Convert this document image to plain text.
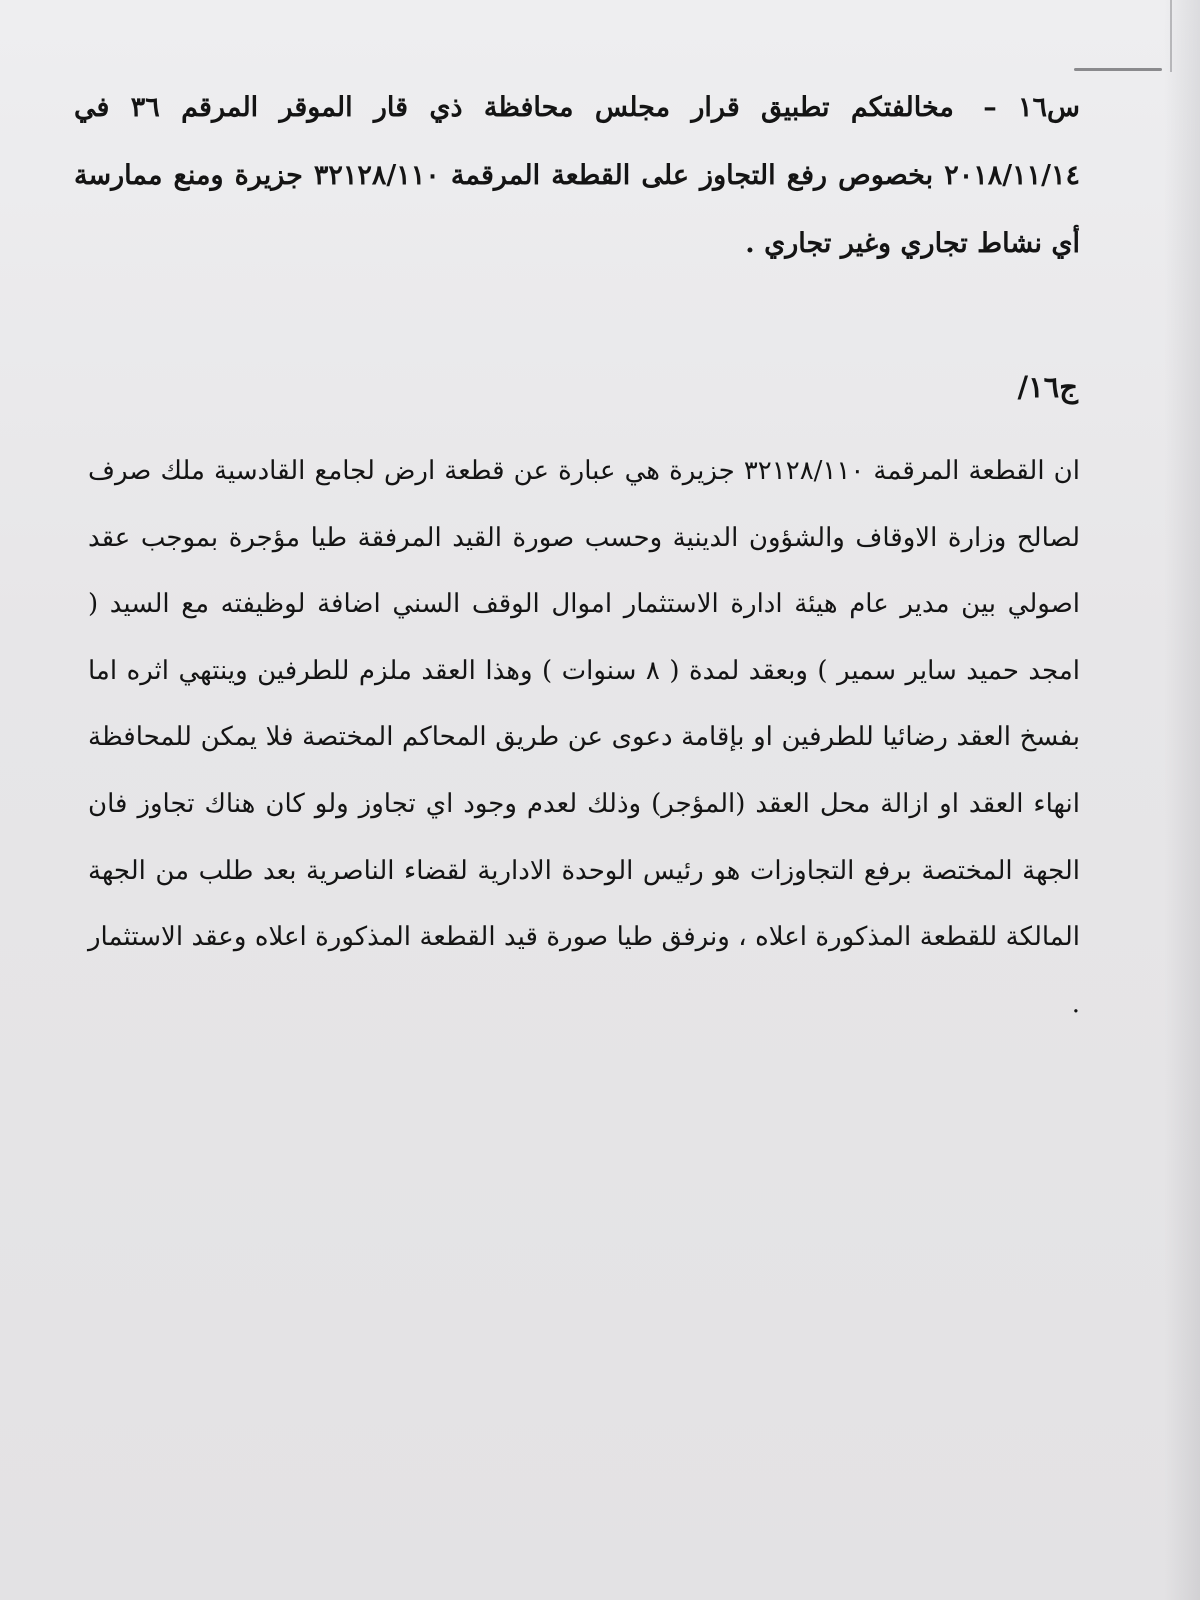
س١٦ – مخالفتكم تطبيق قرار مجلس محافظة ذي قار الموقر المرقم ٣٦ في ٢٠١٨/١١/١٤ بخصوص رفع التجاوز على القطعة المرقمة ٣٢١٢٨/١١٠ جزيرة ومنع ممارسة أي نشاط تجاري وغير تجاري .
ج١٦/
ان القطعة المرقمة ٣٢١٢٨/١١٠ جزيرة هي عبارة عن قطعة ارض لجامع القادسية ملك صرف لصالح وزارة الاوقاف والشؤون الدينية وحسب صورة القيد المرفقة طيا مؤجرة بموجب عقد اصولي بين مدير عام هيئة ادارة الاستثمار اموال الوقف السني اضافة لوظيفته مع السيد ( امجد حميد ساير سمير ) وبعقد لمدة ( ٨ سنوات ) وهذا العقد ملزم للطرفين وينتهي اثره اما بفسخ العقد رضائيا للطرفين او بإقامة دعوى عن طريق المحاكم المختصة فلا يمكن للمحافظة انهاء العقد او ازالة محل العقد (المؤجر) وذلك لعدم وجود اي تجاوز ولو كان هناك تجاوز فان الجهة المختصة برفع التجاوزات هو رئيس الوحدة الادارية لقضاء الناصرية بعد طلب من الجهة المالكة للقطعة المذكورة اعلاه ، ونرفق طيا صورة قيد القطعة المذكورة اعلاه وعقد الاستثمار .
